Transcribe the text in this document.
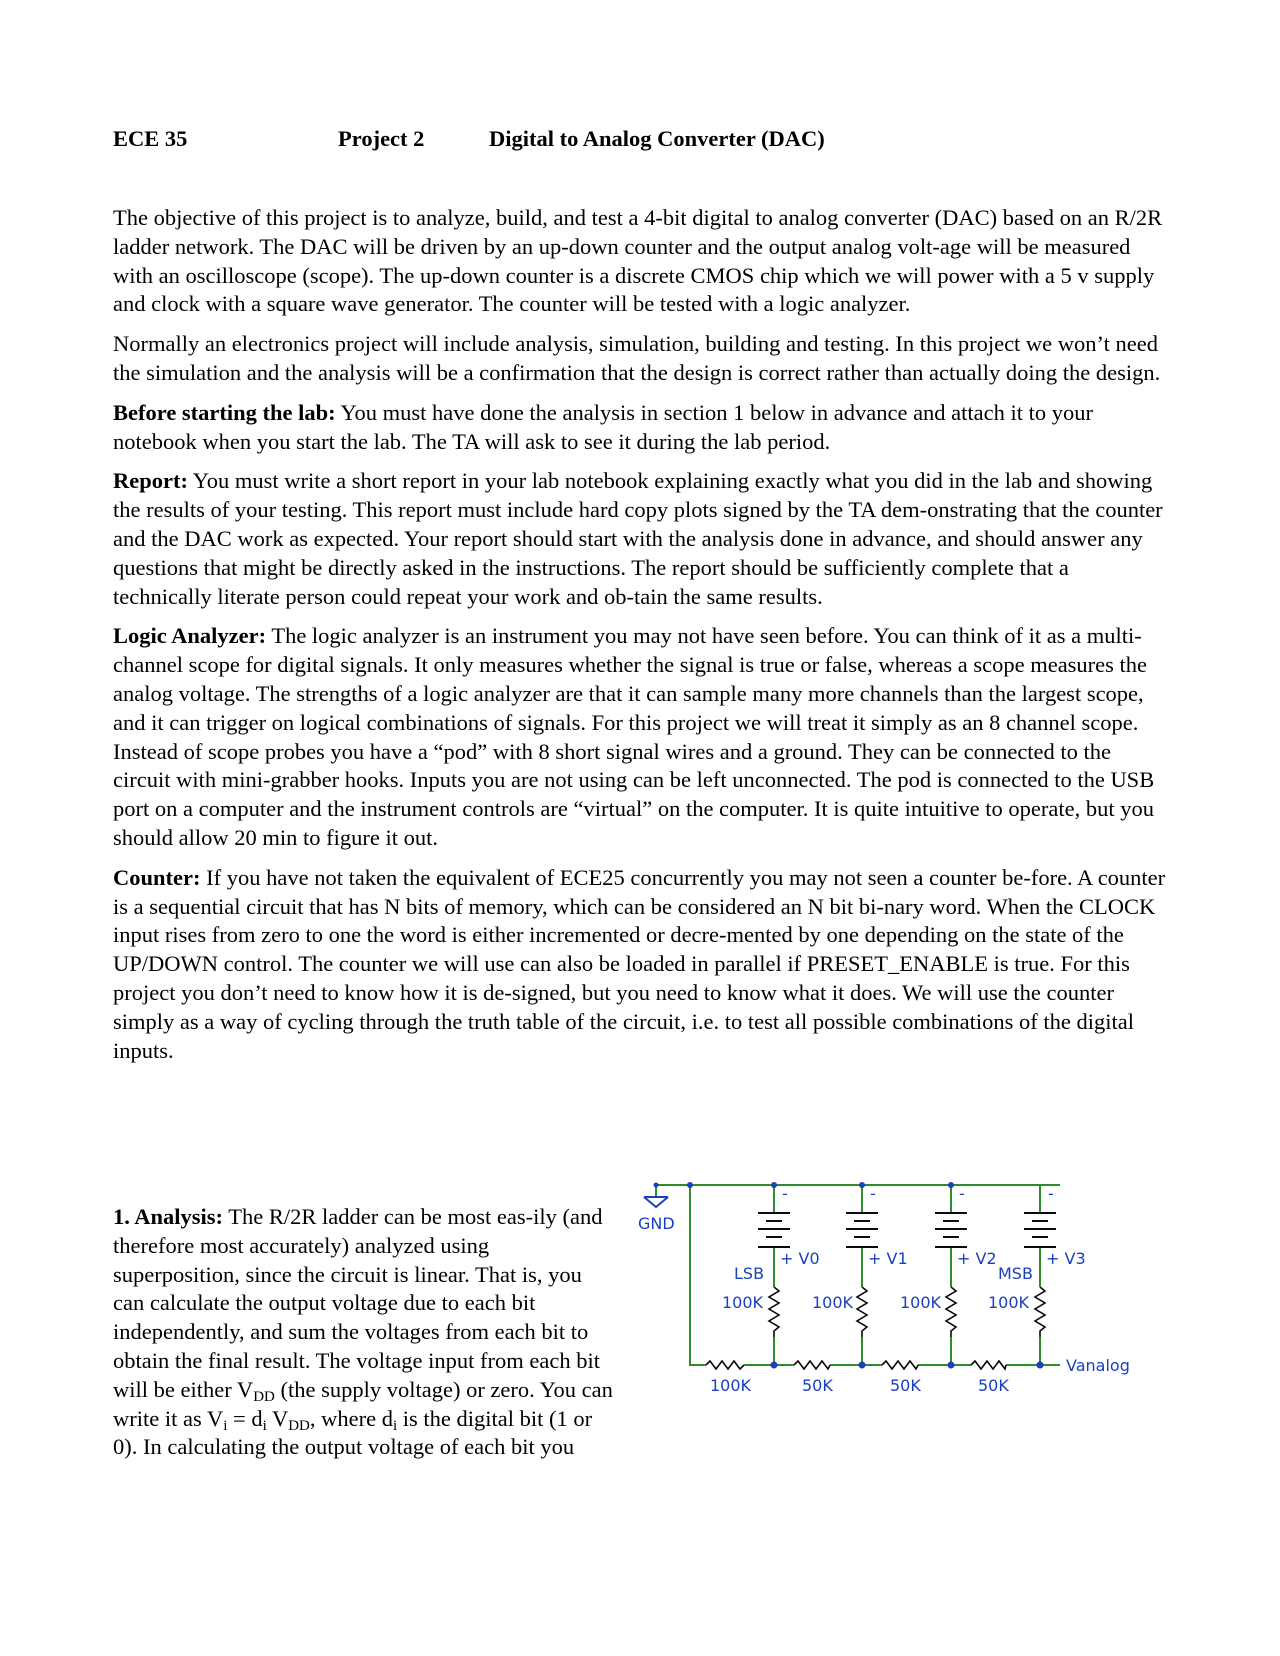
ECE 35	Project 2	Digital to Analog Converter (DAC)

The objective of this project is to analyze, build, and test a 4-bit digital to analog converter (DAC) based on an R/2R ladder network. The DAC will be driven by an up-down counter and the output analog volt-age will be measured with an oscilloscope (scope). The up-down counter is a discrete CMOS chip which we will power with a 5 v supply and clock with a square wave generator. The counter will be tested with a logic analyzer.

Normally an electronics project will include analysis, simulation, building and testing. In this project we won’t need the simulation and the analysis will be a confirmation that the design is correct rather than actually doing the design.

Before starting the lab: You must have done the analysis in section 1 below in advance and attach it to your notebook when you start the lab. The TA will ask to see it during the lab period.

Report: You must write a short report in your lab notebook explaining exactly what you did in the lab and showing the results of your testing. This report must include hard copy plots signed by the TA dem-onstrating that the counter and the DAC work as expected. Your report should start with the analysis done in advance, and should answer any questions that might be directly asked in the instructions. The report should be sufficiently complete that a technically literate person could repeat your work and ob-tain the same results.

Logic Analyzer: The logic analyzer is an instrument you may not have seen before. You can think of it as a multi-channel scope for digital signals. It only measures whether the signal is true or false, whereas a scope measures the analog voltage. The strengths of a logic analyzer are that it can sample many more channels than the largest scope, and it can trigger on logical combinations of signals. For this project we will treat it simply as an 8 channel scope. Instead of scope probes you have a “pod” with 8 short signal wires and a ground. They can be connected to the circuit with mini-grabber hooks. Inputs you are not using can be left unconnected. The pod is connected to the USB port on a computer and the instrument controls are “virtual” on the computer. It is quite intuitive to operate, but you should allow 20 min to figure it out.

Counter: If you have not taken the equivalent of ECE25 concurrently you may not seen a counter be-fore. A counter is a sequential circuit that has N bits of memory, which can be considered an N bit bi-nary word. When the CLOCK input rises from zero to one the word is either incremented or decre-mented by one depending on the state of the UP/DOWN control. The counter we will use can also be loaded in parallel if PRESET_ENABLE is true. For this project you don’t need to know how it is de-signed, but you need to know what it does. We will use the counter simply as a way of cycling through the truth table of the circuit, i.e. to test all possible combinations of the digital inputs.

1. Analysis: The R/2R ladder can be most eas-ily (and therefore most accurately) analyzed using superposition, since the circuit is linear. That is, you can calculate the output voltage due to each bit independently, and sum the voltages from each bit to obtain the final result. The voltage input from each bit will be either $V_{DD}$ (the supply voltage) or zero. You can write it as $V_i = d_i$ $V_{DD}$, where $d_i$ is the digital bit (1 or 0). In calculating the output voltage of each bit you

GND
-	-	-	-
+ V0	+ V1	+ V2	+ V3
LSB	MSB
100K	100K	100K	100K
100K	50K	50K	50K
Vanalog
